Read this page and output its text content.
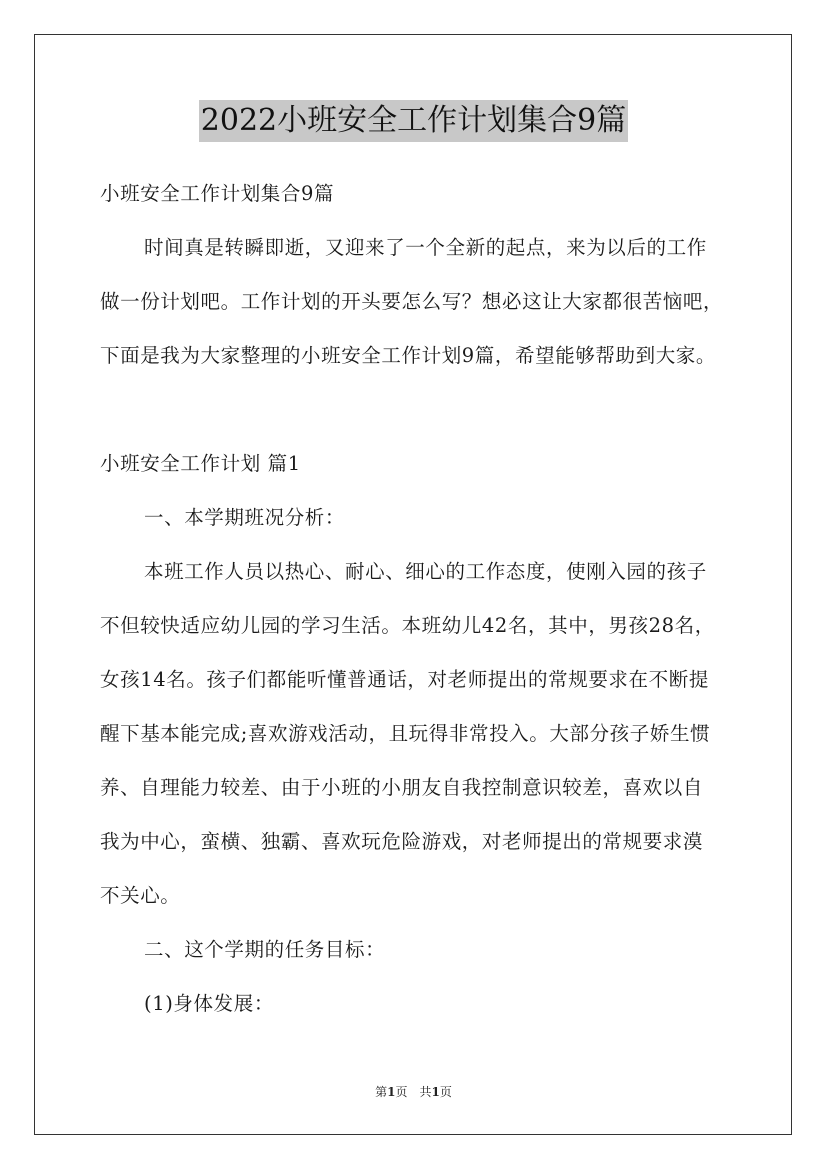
2022小班安全工作计划集合9篇
小班安全工作计划集合9篇
时间真是转瞬即逝，又迎来了一个全新的起点，来为以后的工作
做一份计划吧。工作计划的开头要怎么写？想必这让大家都很苦恼吧，
下面是我为大家整理的小班安全工作计划9篇，希望能够帮助到大家。
小班安全工作计划 篇1
一、本学期班况分析：
本班工作人员以热心、耐心、细心的工作态度，使刚入园的孩子
不但较快适应幼儿园的学习生活。本班幼儿42名，其中，男孩28名，
女孩14名。孩子们都能听懂普通话，对老师提出的常规要求在不断提
醒下基本能完成;喜欢游戏活动，且玩得非常投入。大部分孩子娇生惯
养、自理能力较差、由于小班的小朋友自我控制意识较差，喜欢以自
我为中心，蛮横、独霸、喜欢玩危险游戏，对老师提出的常规要求漠
不关心。
二、这个学期的任务目标：
(1)身体发展：
第1页　共1页
